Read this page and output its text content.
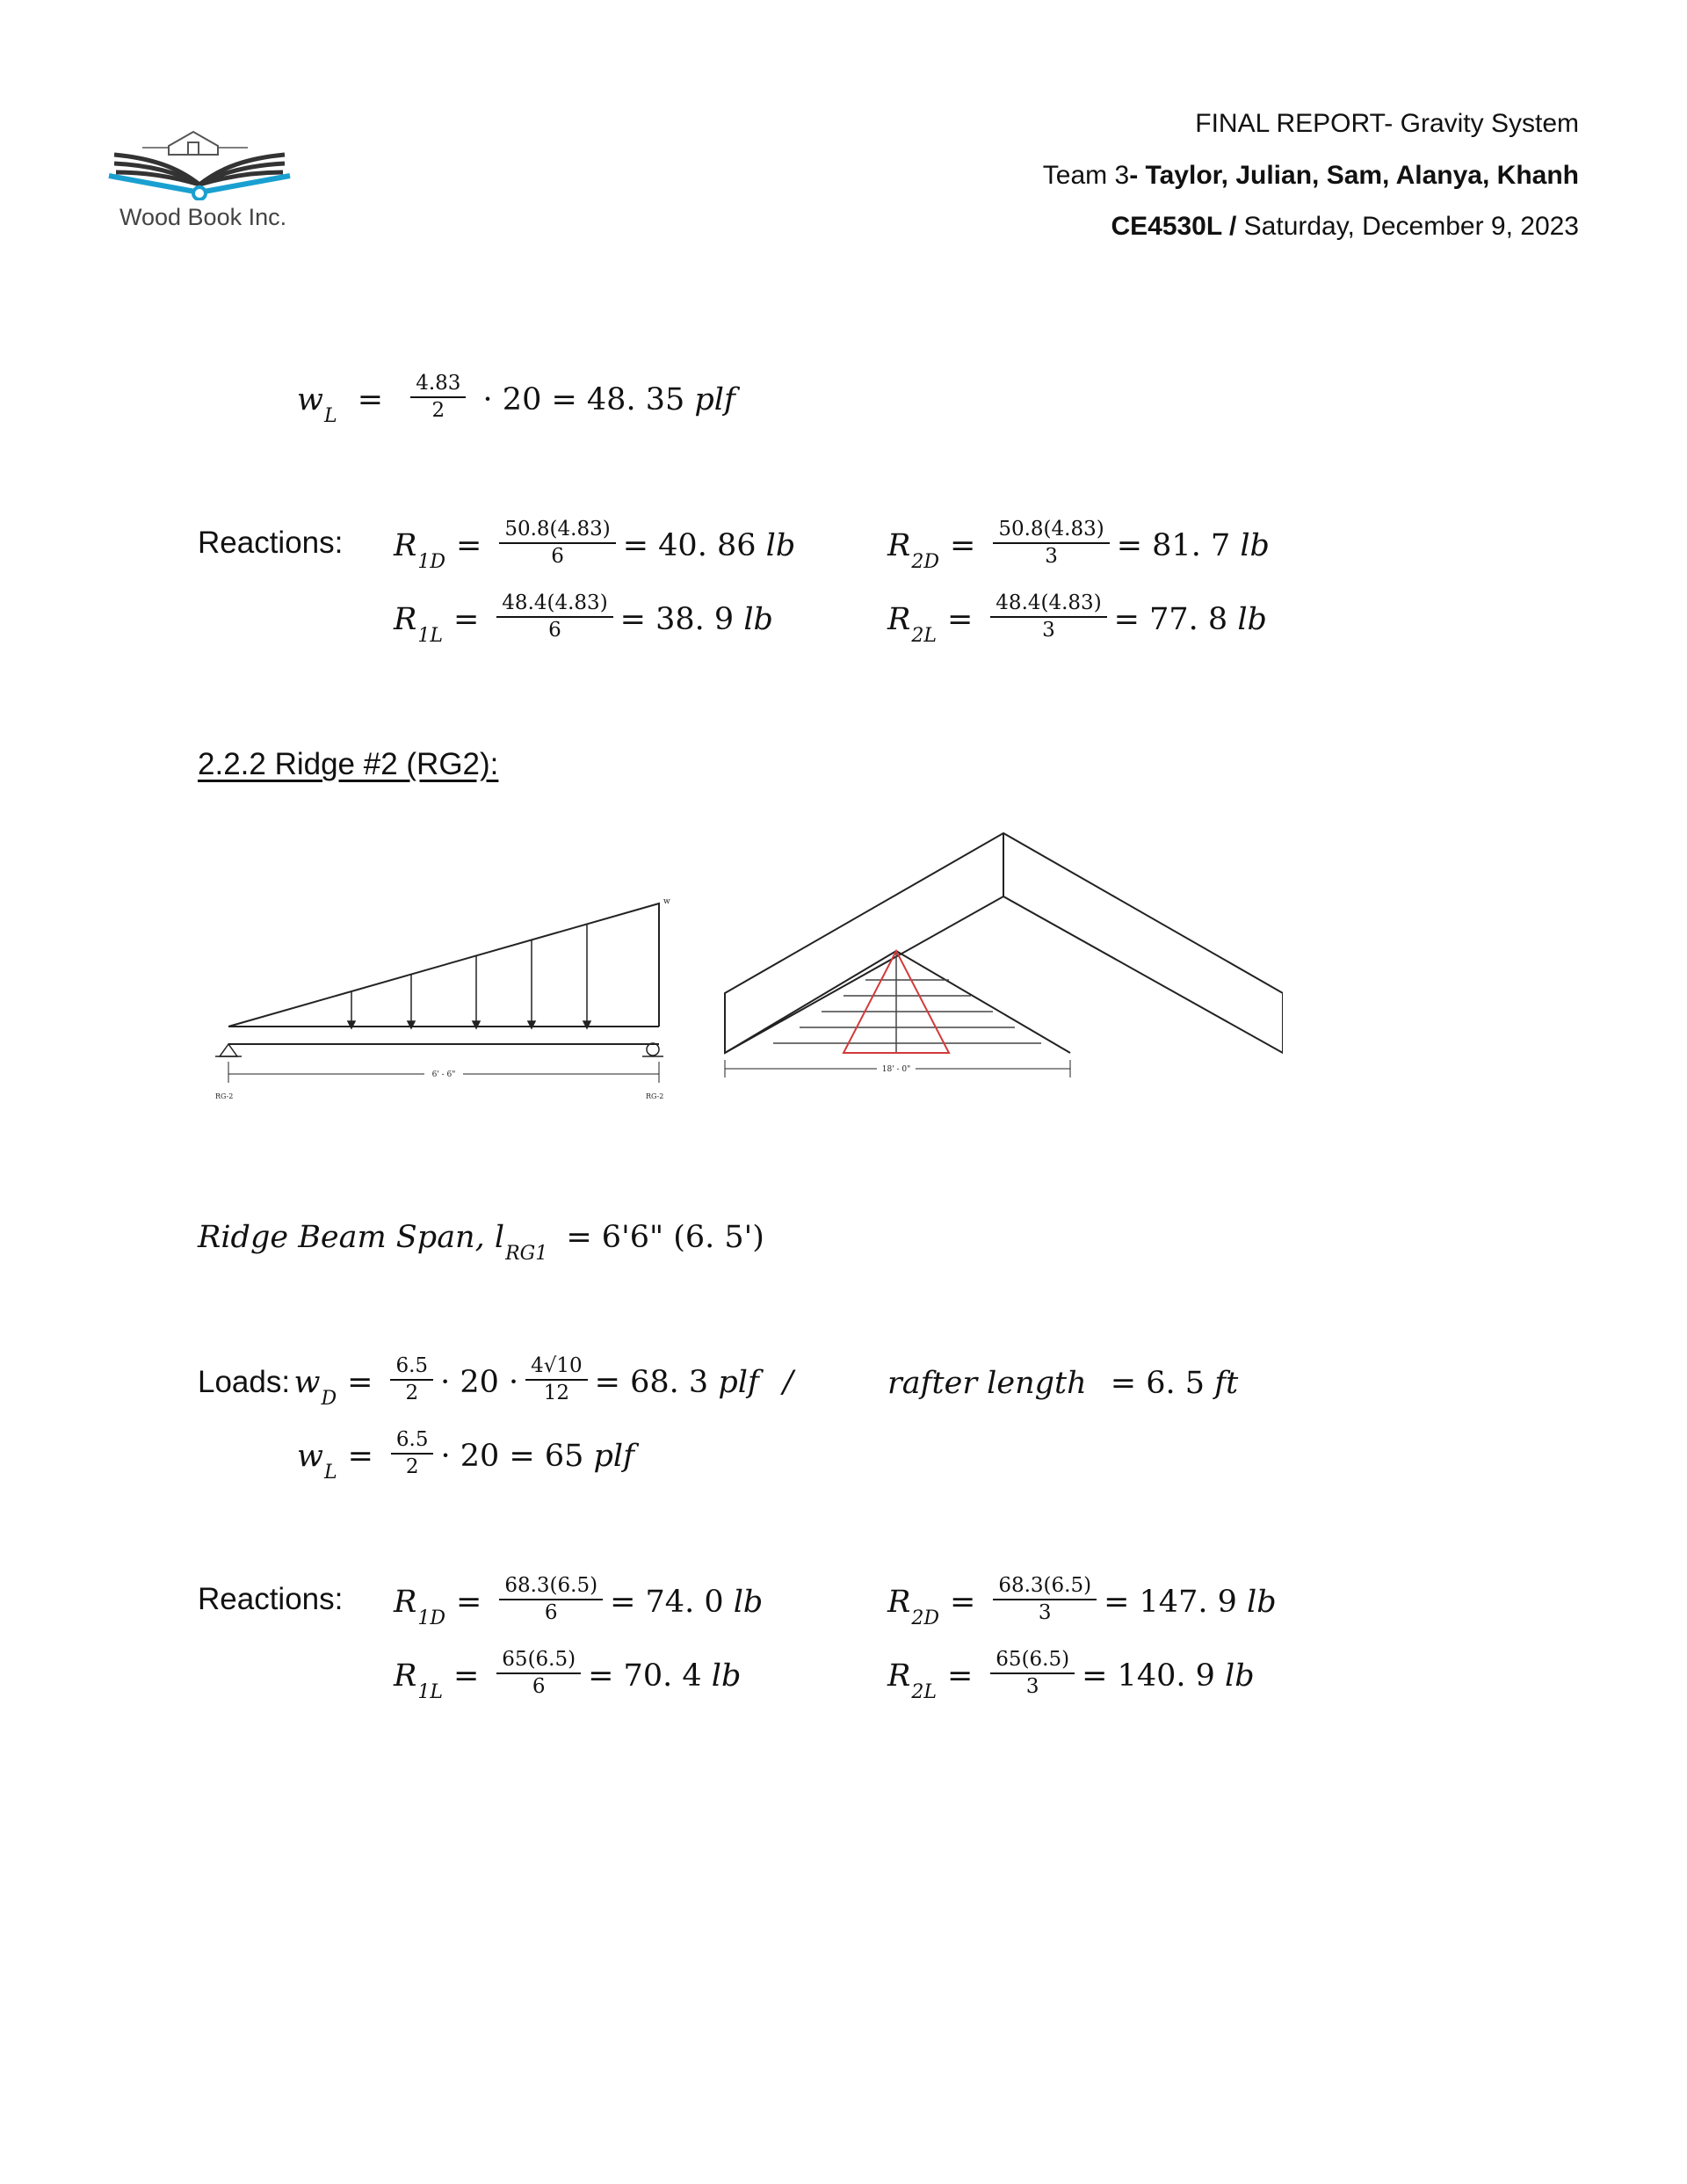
Wood Book Inc.
FINAL REPORT- Gravity System
Team 3- Taylor, Julian, Sam, Alanya, Khanh
CE4530L / Saturday, December 9, 2023
$w_L = \frac{4.83}{2} \cdot 20 = 48$. 35 plf
Reactions: $R_{1D} = \frac{50.8(4.83)}{6} = 40$. 86 lb
$R_{1L} = \frac{48.4(4.83)}{6} = 38$. 9 lb
$R_{2D} = \frac{50.8(4.83)}{3} = 81$. 7 lb
$R_{2L} = \frac{48.4(4.83)}{3} = 77$. 8 lb
2.2.2 Ridge #2 (RG2):
w
6' - 6"
RG-2	RG-2
18' - 0"
Ridge Beam Span, $l_{RG1} = 6'6$" (6. 5')
Loads: $w_D = \frac{6.5}{2} \cdot 20 \cdot \frac{4√10}{12} = 68$. 3 plf /	rafter length = 6. 5 ft
$w_L = \frac{6.5}{2} \cdot 20 = 65$ plf
Reactions: $R_{1D} = \frac{68.3(6.5)}{6} = 74$. 0 lb
$R_{1L} = \frac{65(6.5)}{6} = 70$. 4 lb
$R_{2D} = \frac{68.3(6.5)}{3} = 147$. 9 lb
$R_{2L} = \frac{65(6.5)}{3} = 140$. 9 lb
